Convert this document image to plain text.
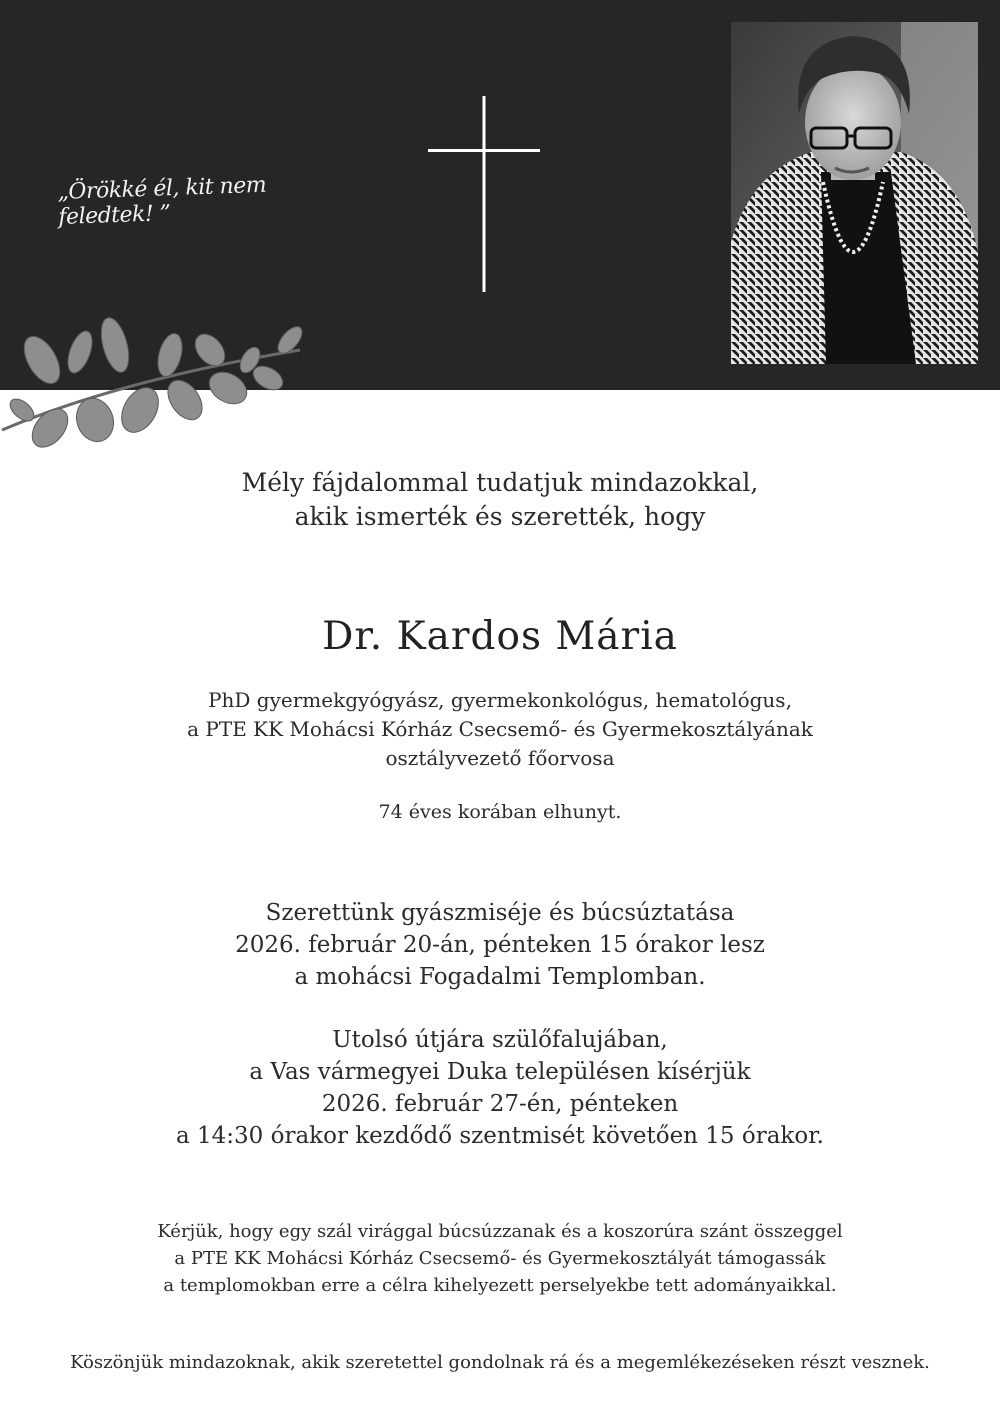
„Örökké él, kit nem feledtek! ”
Mély fájdalommal tudatjuk mindazokkal,
akik ismerték és szerették, hogy
Dr. Kardos Mária
PhD gyermekgyógyász, gyermekonkológus, hematológus,
a PTE KK Mohácsi Kórház Csecsemő- és Gyermekosztályának
osztályvezető főorvosa
74 éves korában elhunyt.
Szerettünk gyászmiséje és búcsúztatása
2026. február 20-án, pénteken 15 órakor lesz
a mohácsi Fogadalmi Templomban.
Utolsó útjára szülőfalujában,
a Vas vármegyei Duka településen kísérjük
2026. február 27-én, pénteken
a 14:30 órakor kezdődő szentmisét követően 15 órakor.
Kérjük, hogy egy szál virággal búcsúzzanak és a koszorúra szánt összeggel
a PTE KK Mohácsi Kórház Csecsemő- és Gyermekosztályát támogassák
a templomokban erre a célra kihelyezett perselyekbe tett adományaikkal.
Köszönjük mindazoknak, akik szeretettel gondolnak rá és a megemlékezéseken részt vesznek.
